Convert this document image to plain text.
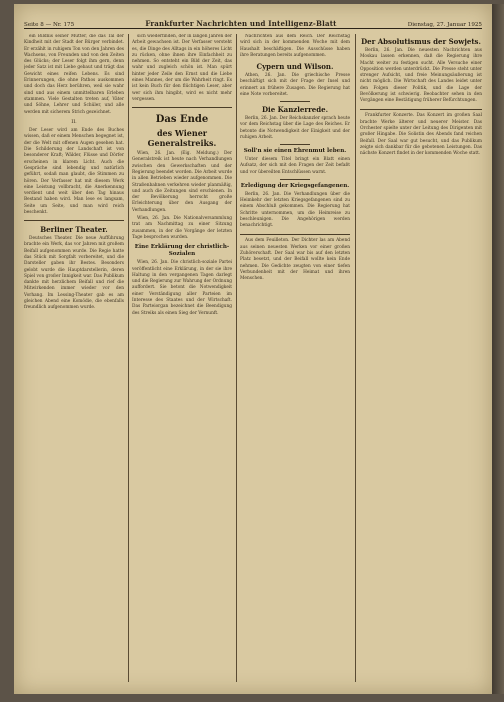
Seite 8 — Nr. 175	Frankfurter Nachrichten und Intelligenz-Blatt	Dienstag, 27. Januar 1925

ein Bildnis seiner Mutter, die das Tal der Kindheit mit der Stadt der Bürger verbindet. Er erzählt in ruhigem Ton von den Jahren des Wachsens, von Freunden und von den Zeiten des Glücks; der Leser folgt ihm gern, denn jeder Satz ist mit Liebe gebaut und trägt das Gewicht eines reifen Lebens. Es sind Erinnerungen, die ohne Pathos auskommen und doch das Herz berühren, weil sie wahr sind und aus einem unmittelbaren Erleben stammen. Viele Gestalten treten auf, Väter und Söhne, Lehrer und Schüler, und alle werden mit sicherem Strich gezeichnet.

II.

Der Leser wird am Ende des Buches wissen, daß er einem Menschen begegnet ist, der die Welt mit offenen Augen gesehen hat. Die Schilderung der Landschaft ist von besonderer Kraft; Wälder, Flüsse und Dörfer erscheinen in klarem Licht. Auch die Gespräche sind lebendig und natürlich geführt, sodaß man glaubt, die Stimmen zu hören. Der Verfasser hat mit diesem Werk eine Leistung vollbracht, die Anerkennung verdient und weit über den Tag hinaus Bestand haben wird. Man lese es langsam, Seite um Seite, und man wird reich beschenkt.

Berliner Theater.

Deutsches Theater. Die neue Aufführung brachte ein Werk, das vor Jahren mit großem Beifall aufgenommen wurde. Die Regie hatte das Stück mit Sorgfalt vorbereitet, und die Darsteller gaben ihr Bestes. Besonders gelobt wurde die Hauptdarstellerin, deren Spiel von großer Innigkeit war. Das Publikum dankte mit herzlichem Beifall und rief die Mitwirkenden immer wieder vor den Vorhang. Im Lessing-Theater gab es am gleichen Abend eine Komödie, die ebenfalls freundlich aufgenommen wurde.

sich wiederfinden, der in langen Jahren der Arbeit gewachsen ist. Der Verfasser versteht es, die Dinge des Alltags in ein höheres Licht zu rücken, ohne ihnen ihre Einfachheit zu nehmen. So entsteht ein Bild der Zeit, das wahr und zugleich schön ist. Man spürt hinter jeder Zeile den Ernst und die Liebe eines Mannes, der um die Wahrheit ringt. Es ist kein Buch für den flüchtigen Leser, aber wer sich ihm hingibt, wird es nicht mehr vergessen.

Das Ende
des Wiener Generalstreiks.

Wien, 26. Jan. (Eig. Meldung.) Der Generalstreik ist heute nach Verhandlungen zwischen den Gewerkschaften und der Regierung beendet worden. Die Arbeit wurde in allen Betrieben wieder aufgenommen. Die Straßenbahnen verkehren wieder planmäßig, und auch die Zeitungen sind erschienen. In der Bevölkerung herrscht große Erleichterung über den Ausgang der Verhandlungen.

Wien, 26. Jan. Die Nationalversammlung trat am Nachmittag zu einer Sitzung zusammen, in der die Vorgänge der letzten Tage besprochen wurden.

Eine Erklärung der christlich-Sozialen

Wien, 26. Jan. Die christlich-soziale Partei veröffentlicht eine Erklärung, in der sie ihre Haltung in den vergangenen Tagen darlegt und die Regierung zur Wahrung der Ordnung auffordert. Sie betont die Notwendigkeit einer Verständigung aller Parteien im Interesse des Staates und der Wirtschaft. Das Parteiorgan bezeichnet die Beendigung des Streiks als einen Sieg der Vernunft.

Nachrichten aus dem Reich. Der Reichstag wird sich in der kommenden Woche mit dem Haushalt beschäftigen. Die Ausschüsse haben ihre Beratungen bereits aufgenommen.

Cypern und Wilson.

Athen, 26. Jan. Die griechische Presse beschäftigt sich mit der Frage der Insel und erinnert an frühere Zusagen. Die Regierung hat eine Note vorbereitet.

Die Kanzlerrede.

Berlin, 26. Jan. Der Reichskanzler sprach heute vor dem Reichstag über die Lage des Reiches. Er betonte die Notwendigkeit der Einigkeit und der ruhigen Arbeit.

Soll'n sie einen Ehrenmut leben.

Unter diesem Titel bringt ein Blatt einen Aufsatz, der sich mit den Fragen der Zeit befaßt und vor übereilten Entschlüssen warnt.

Erledigung der Kriegsgefangenen.

Berlin, 26. Jan. Die Verhandlungen über die Heimkehr der letzten Kriegsgefangenen sind zu einem Abschluß gekommen. Die Regierung hat Schritte unternommen, um die Heimreise zu beschleunigen. Die Angehörigen werden benachrichtigt.

Aus dem Feuilleton. Der Dichter las am Abend aus seinen neuesten Werken vor einer großen Zuhörerschaft. Der Saal war bis auf den letzten Platz besetzt, und der Beifall wollte kein Ende nehmen. Die Gedichte zeugten von einer tiefen Verbundenheit mit der Heimat und ihren Menschen.

Der Absolutismus der Sowjets.

Berlin, 26. Jan. Die neuesten Nachrichten aus Moskau lassen erkennen, daß die Regierung ihre Macht weiter zu festigen sucht. Alle Versuche einer Opposition werden unterdrückt. Die Presse steht unter strenger Aufsicht, und freie Meinungsäußerung ist nicht möglich. Die Wirtschaft des Landes leidet unter den Folgen dieser Politik, und die Lage der Bevölkerung ist schwierig. Beobachter sehen in den Vorgängen eine Bestätigung früherer Befürchtungen.

Frankfurter Konzerte. Das Konzert im großen Saal brachte Werke älterer und neuerer Meister. Das Orchester spielte unter der Leitung des Dirigenten mit großer Hingabe. Die Solistin des Abends fand reichen Beifall. Der Saal war gut besucht, und das Publikum zeigte sich dankbar für die gebotenen Leistungen. Das nächste Konzert findet in der kommenden Woche statt.
